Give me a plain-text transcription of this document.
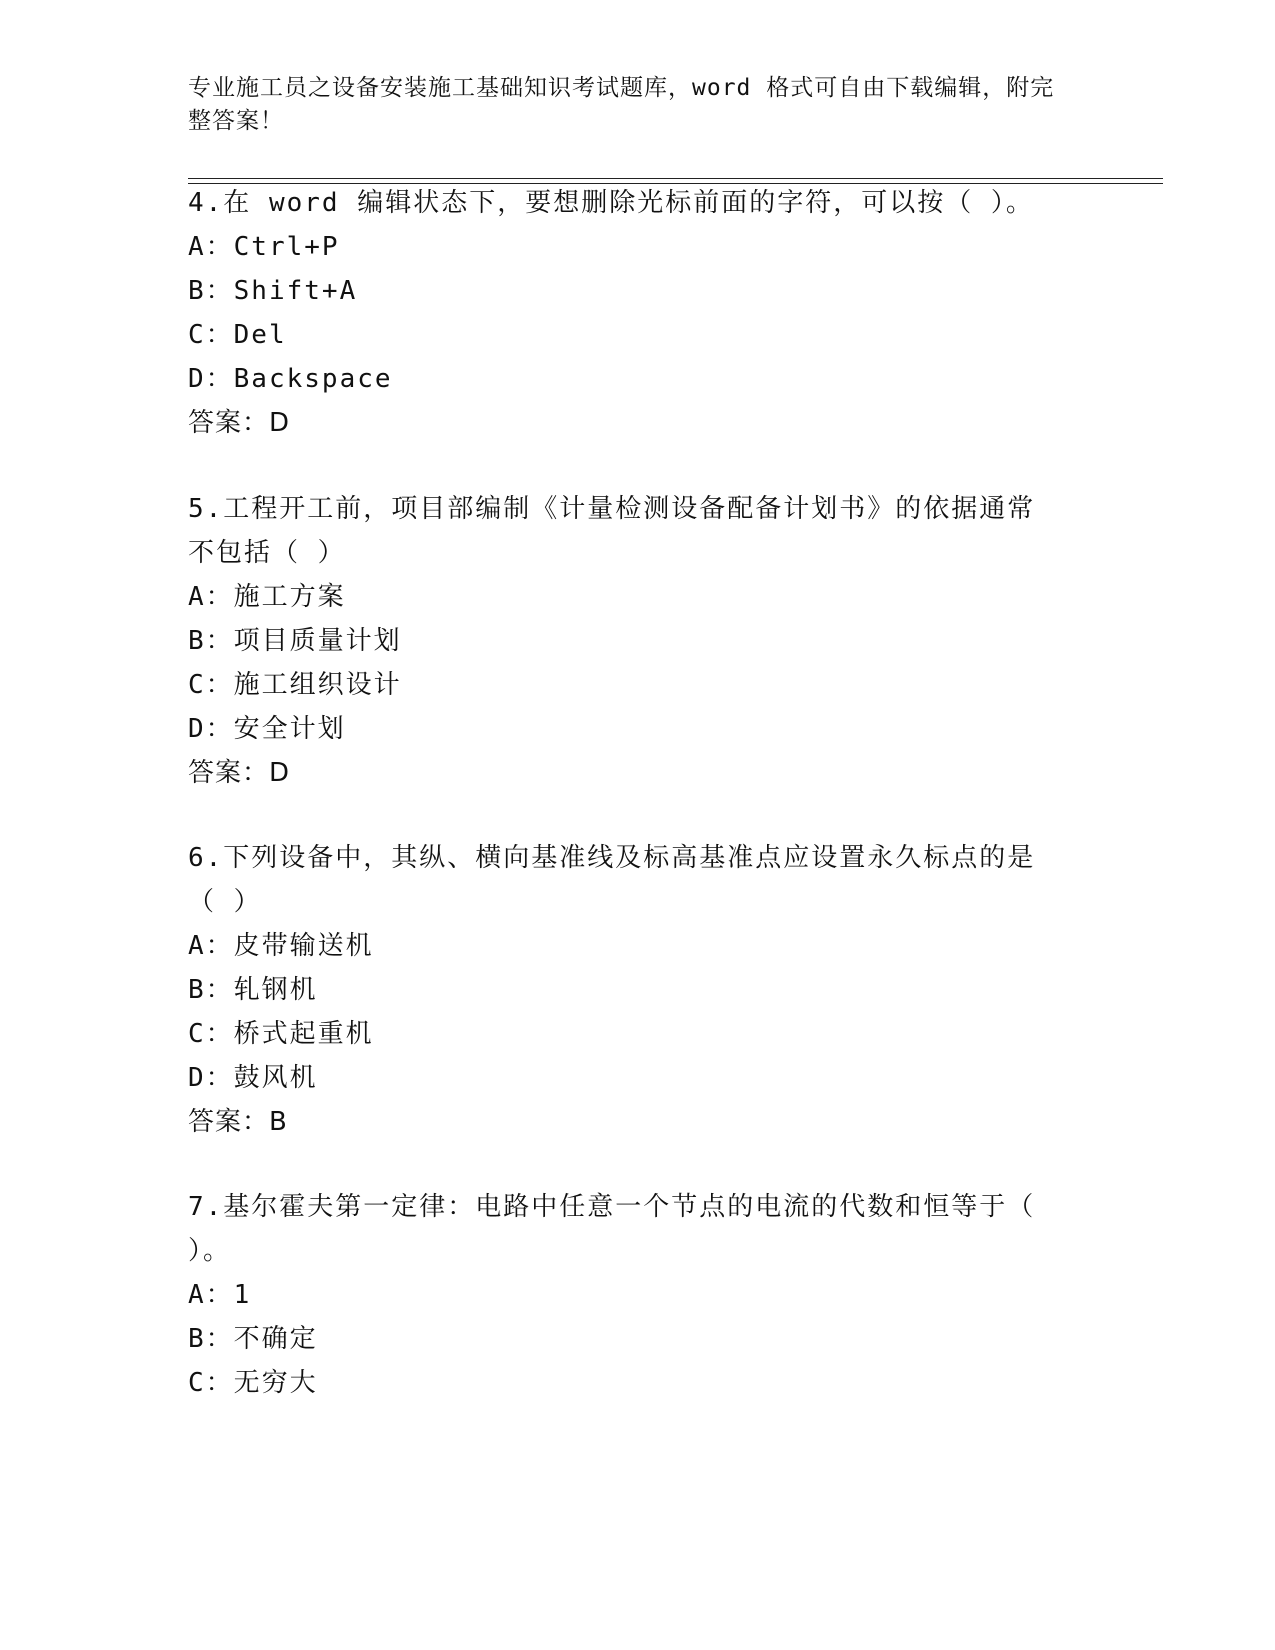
专业施工员之设备安装施工基础知识考试题库，word 格式可自由下载编辑，附完
整答案！
4.在 word 编辑状态下，要想删除光标前面的字符，可以按（ ）。
A：Ctrl+P
B：Shift+A
C：Del
D：Backspace
答案：D
5.工程开工前，项目部编制《计量检测设备配备计划书》的依据通常
不包括（ ）
A：施工方案
B：项目质量计划
C：施工组织设计
D：安全计划
答案：D
6.下列设备中，其纵、横向基准线及标高基准点应设置永久标点的是
（ ）
A：皮带输送机
B：轧钢机
C：桥式起重机
D：鼓风机
答案：B
7.基尔霍夫第一定律：电路中任意一个节点的电流的代数和恒等于（
）。
A：1
B：不确定
C：无穷大
